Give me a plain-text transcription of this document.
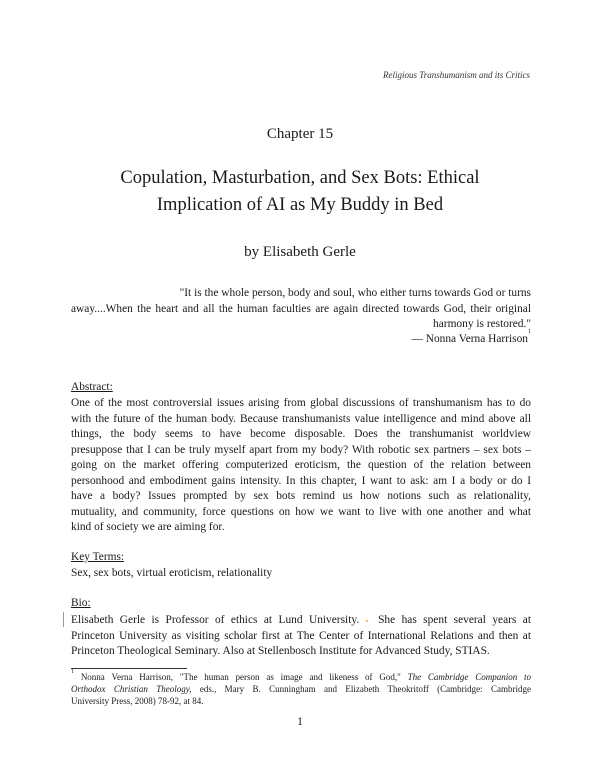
Religious Transhumanism and its Critics
Chapter 15
Copulation, Masturbation, and Sex Bots: Ethical
Implication of AI as My Buddy in Bed
by Elisabeth Gerle
"It is the whole person, body and soul, who either turns towards God or turns
away....When the heart and all the human faculties are again directed towards God, their original
harmony is restored."
— Nonna Verna Harrison$^1$
Abstract:
One of the most controversial issues arising from global discussions of transhumanism has to do
with the future of the human body. Because transhumanists value intelligence and mind above all
things, the body seems to have become disposable. Does the transhumanist worldview
presuppose that I can be truly myself apart from my body? With robotic sex partners – sex bots –
going on the market offering computerized eroticism, the question of the relation between
personhood and embodiment gains intensity. In this chapter, I want to ask: am I a body or do I
have a body? Issues prompted by sex bots remind us how notions such as relationality,
mutuality, and community, force questions on how we want to live with one another and what
kind of society we are aiming for.
Key Terms:
Sex, sex bots, virtual eroticism, relationality
Bio:
Elisabeth Gerle is Professor of ethics at Lund University. ▪ She has spent several years at
Princeton University as visiting scholar first at The Center of International Relations and then at
Princeton Theological Seminary. Also at Stellenbosch Institute for Advanced Study, STIAS.
$^1$ Nonna Verna Harrison, "The human person as image and likeness of God," The Cambridge Companion to
Orthodox Christian Theology, eds., Mary B. Cunningham and Elizabeth Theokritoff (Cambridge: Cambridge
University Press, 2008) 78-92, at 84.
1
